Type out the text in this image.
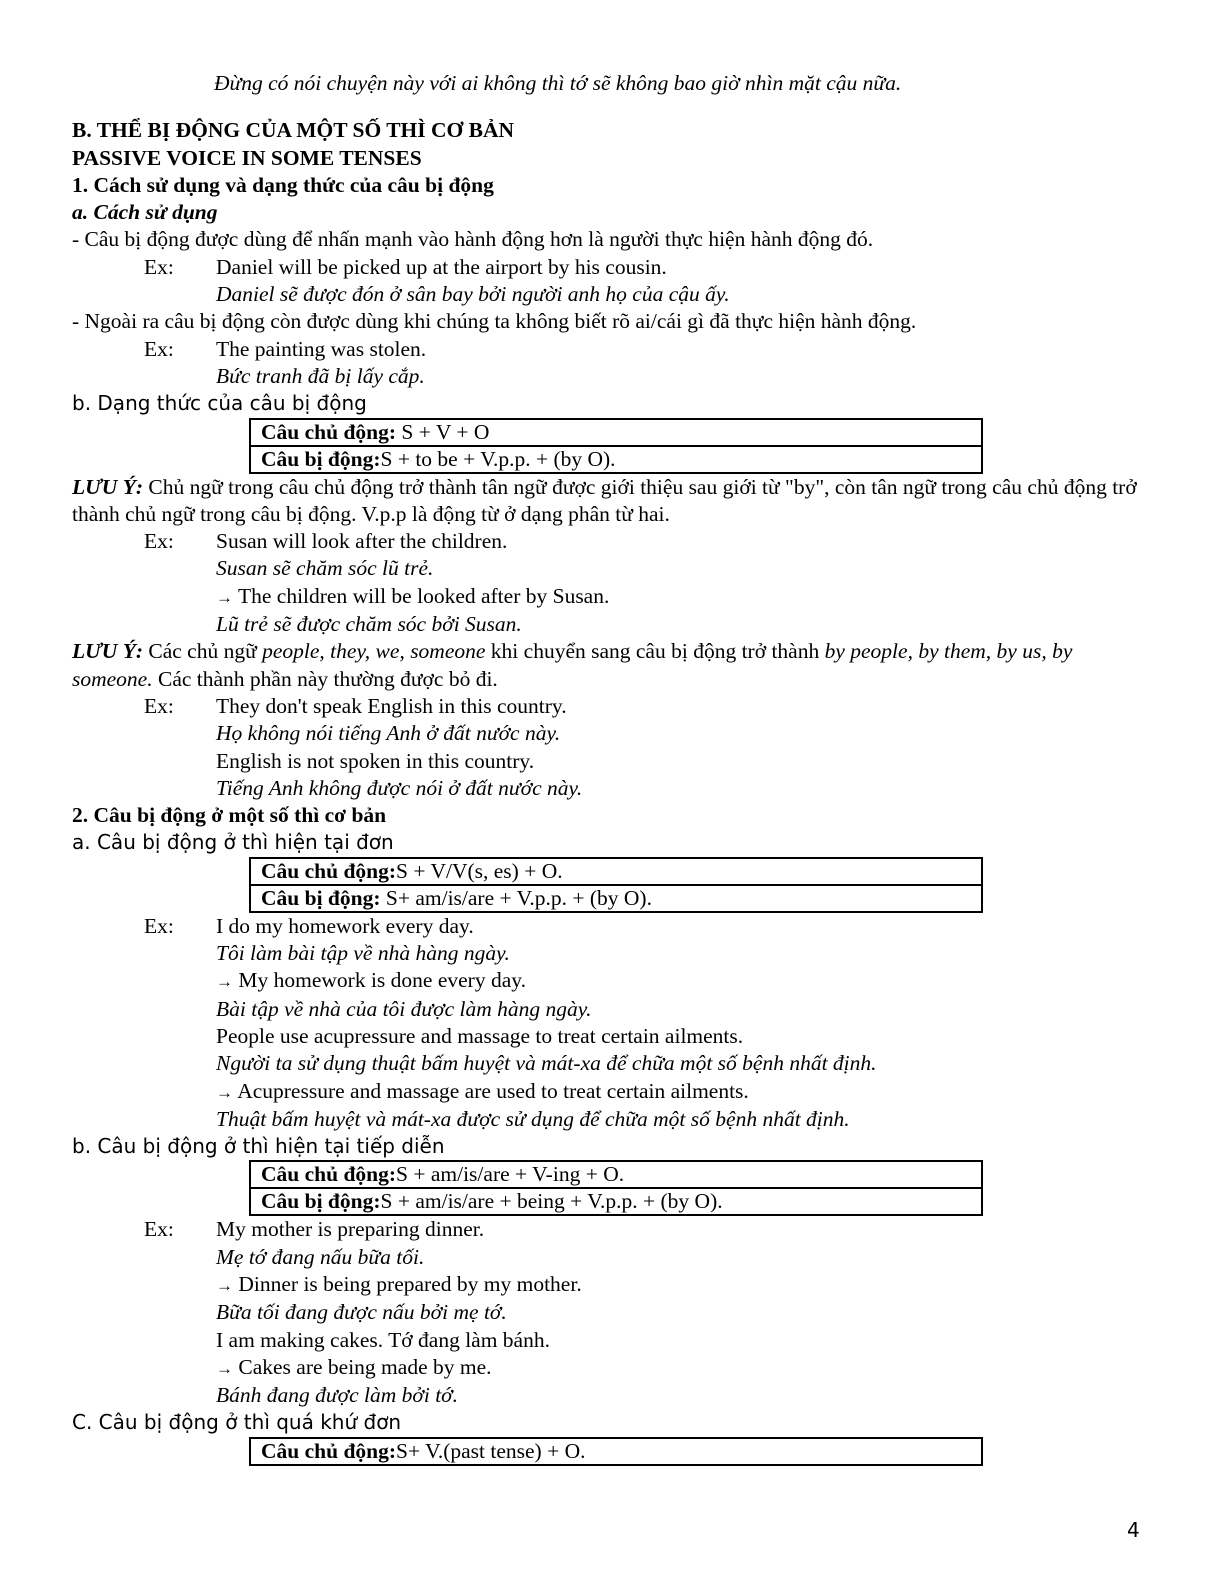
Đừng có nói chuyện này với ai không thì tớ sẽ không bao giờ nhìn mặt cậu nữa.
B. THỂ BỊ ĐỘNG CỦA MỘT SỐ THÌ CƠ BẢN
PASSIVE VOICE IN SOME TENSES
1. Cách sử dụng và dạng thức của câu bị động
a. Cách sử dụng
- Câu bị động được dùng để nhấn mạnh vào hành động hơn là người thực hiện hành động đó.
Ex:	Daniel will be picked up at the airport by his cousin.
Daniel sẽ được đón ở sân bay bởi người anh họ của cậu ấy.
- Ngoài ra câu bị động còn được dùng khi chúng ta không biết rõ ai/cái gì đã thực hiện hành động.
Ex:	The painting was stolen.
Bức tranh đã bị lấy cắp.
b. Dạng thức của câu bị động
Câu chủ động: S + V + O
Câu bị động:S + to be + V.p.p. + (by O).
LƯU Ý: Chủ ngữ trong câu chủ động trở thành tân ngữ được giới thiệu sau giới từ "by", còn tân ngữ trong câu chủ động trở thành chủ ngữ trong câu bị động. V.p.p là động từ ở dạng phân từ hai.
Ex:	Susan will look after the children.
Susan sẽ chăm sóc lũ trẻ.
→ The children will be looked after by Susan.
Lũ trẻ sẽ được chăm sóc bởi Susan.
LƯU Ý: Các chủ ngữ people, they, we, someone khi chuyển sang câu bị động trở thành by people, by them, by us, by someone. Các thành phần này thường được bỏ đi.
Ex:	They don't speak English in this country.
Họ không nói tiếng Anh ở đất nước này.
English is not spoken in this country.
Tiếng Anh không được nói ở đất nước này.
2. Câu bị động ở một số thì cơ bản
a. Câu bị động ở thì hiện tại đơn
Câu chủ động:S + V/V(s, es) + O.
Câu bị động: S+ am/is/are + V.p.p. + (by O).
Ex:	I do my homework every day.
Tôi làm bài tập về nhà hàng ngày.
→ My homework is done every day.
Bài tập về nhà của tôi được làm hàng ngày.
People use acupressure and massage to treat certain ailments.
Người ta sử dụng thuật bấm huyệt và mát-xa để chữa một số bệnh nhất định.
→ Acupressure and massage are used to treat certain ailments.
Thuật bấm huyệt và mát-xa được sử dụng để chữa một số bệnh nhất định.
b. Câu bị động ở thì hiện tại tiếp diễn
Câu chủ động:S + am/is/are + V-ing + O.
Câu bị động:S + am/is/are + being + V.p.p. + (by O).
Ex:	My mother is preparing dinner.
Mẹ tớ đang nấu bữa tối.
→ Dinner is being prepared by my mother.
Bữa tối đang được nấu bởi mẹ tớ.
I am making cakes. Tớ đang làm bánh.
→ Cakes are being made by me.
Bánh đang được làm bởi tớ.
C. Câu bị động ở thì quá khứ đơn
Câu chủ động:S+ V.(past tense) + O.
4
